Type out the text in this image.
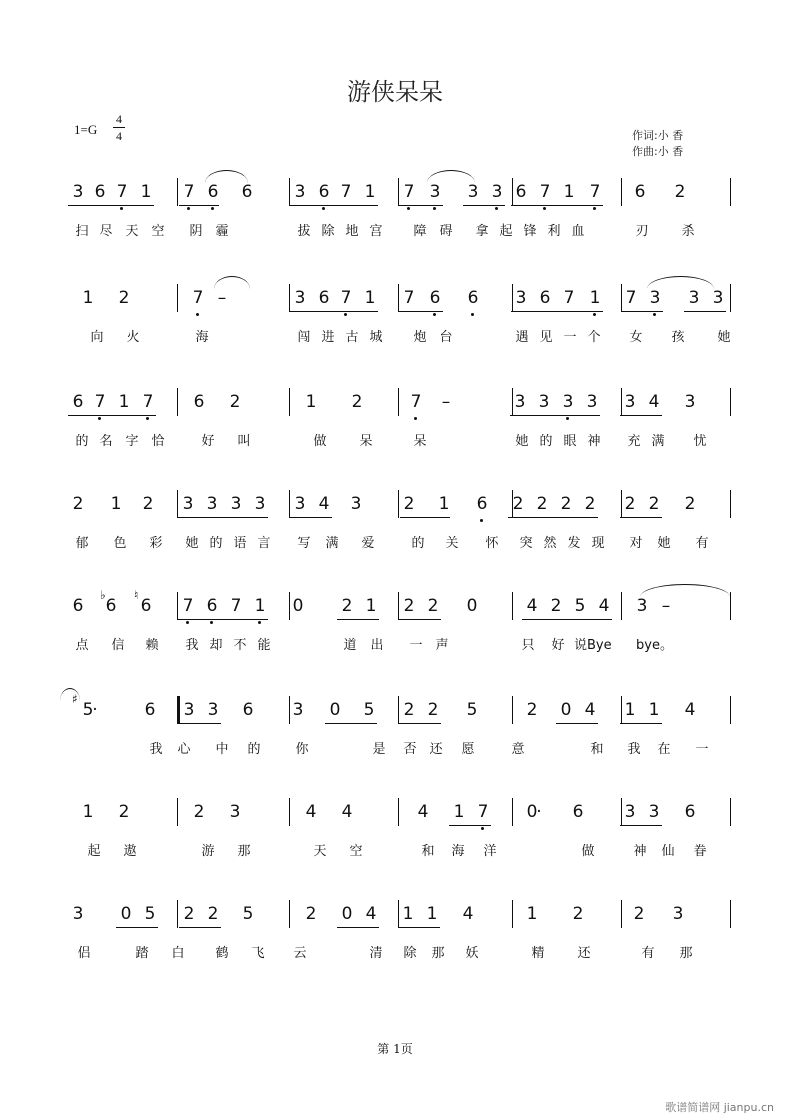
游侠呆呆
1=G
4
4	作词:小 香
作曲:小 香
3 6 7 1 7 6 6 3 6 7 1 7 3 3 3 6 7 1 7 6 2
扫 尽 天 空	阴 霾	拔 除 地 宫	障 碍	拿 起 锋 利 血	刃	杀
1 2	7 –	3 6 7 1 7 6 6 3 6 7 1 7 3 3 3
向	火	海	闯 进 古 城	炮 台	遇 见 一 个	女	孩	她
6 7 1 7 6 2	1 2	7 –	3 3 3 3 3 4 3
的 名 字 恰	好	叫	做	呆	呆	她 的 眼 神	充 满	忧
2 1 2 3 3 3 3 3 4 3 2 1 6 2 2 2 2 2 2 2
郁	色	彩	她 的 语 言	写	满	爱	的	关	怀	突 然 发 现	对	她	有
6 6 6 7 6 7 1 0 2 1 2 2 0	4 2 5 4 3 –
♭ ♮
点	信	赖	我 却 不 能	道	出	一 声	只	好 说Bye bye。
5
·	6 3 3 6 3 0 5 2 2 5	2 0 4 1 1 4
♯
我	心	中	的	你	是	否 还	愿	意	和	我	在	一
1 2	2 3	4 4	4 1 7 0
· 6 3 3 6
起	遨	游	那	天	空	和	海	洋	做	神	仙	眷
3 0 5 2 2 5	2 0 4 1 1 4	1 2	2 3
侣	踏	白	鹤	飞	云	清	除	那	妖	精	还	有	那
第 1页
歌谱简谱网 jianpu.cn
